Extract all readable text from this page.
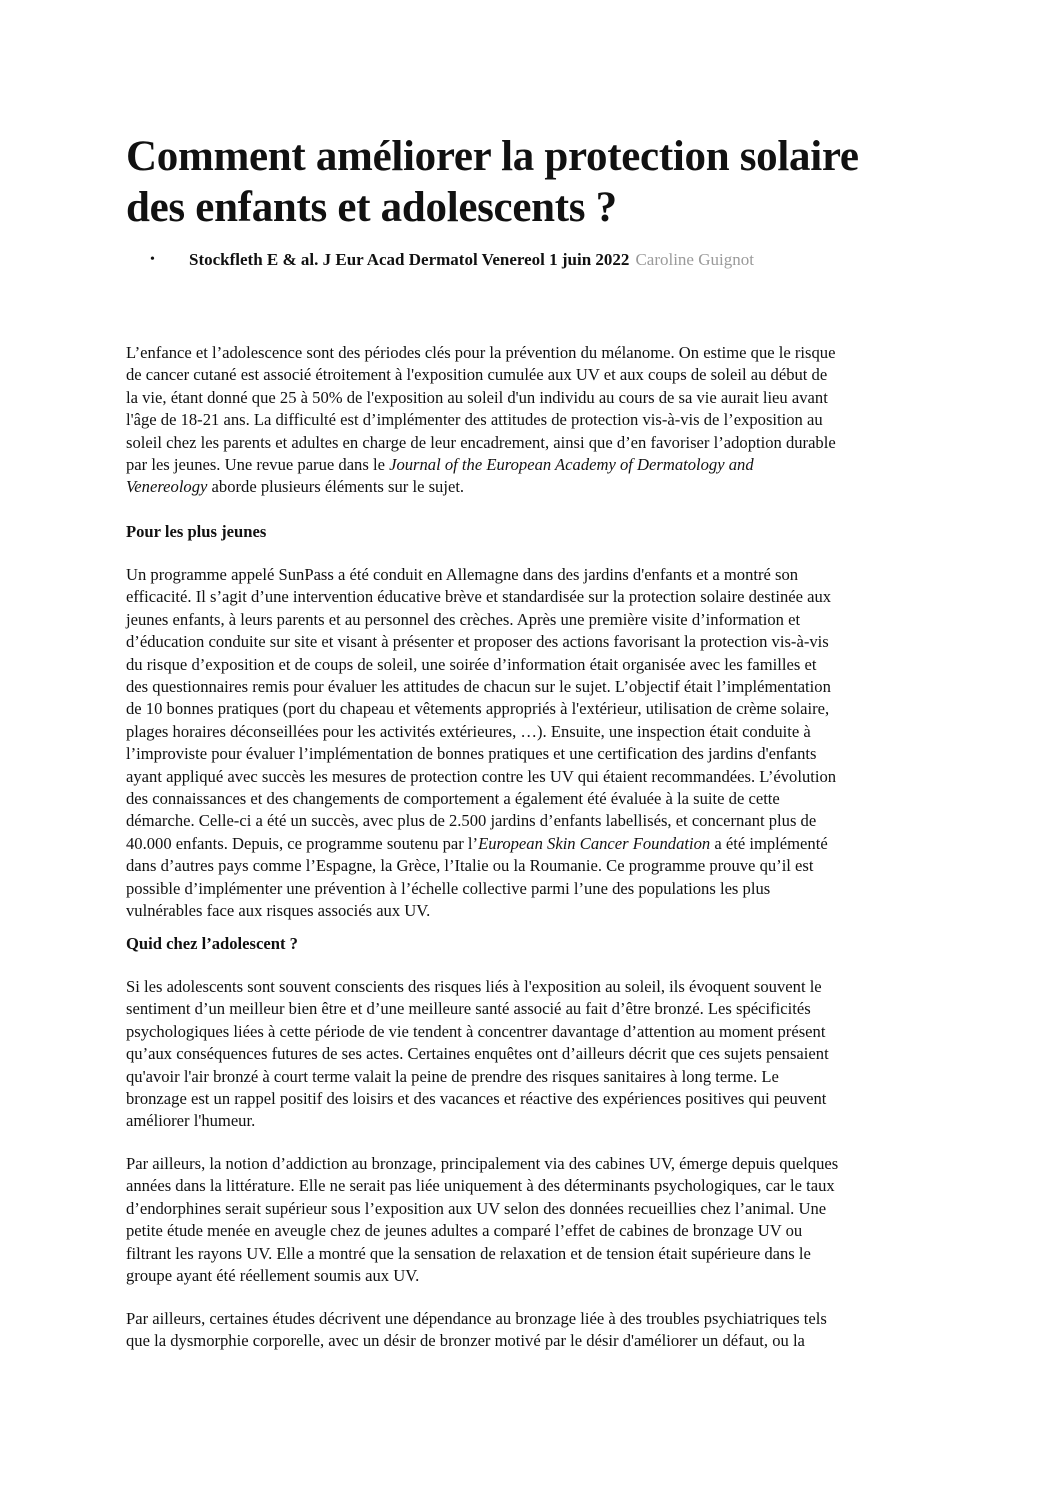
Comment améliorer la protection solaire
des enfants et adolescents ?
• Stockfleth E & al. J Eur Acad Dermatol Venereol 1 juin 2022 Caroline Guignot
L’enfance et l’adolescence sont des périodes clés pour la prévention du mélanome. On estime que le risque
de cancer cutané est associé étroitement à l'exposition cumulée aux UV et aux coups de soleil au début de
la vie, étant donné que 25 à 50% de l'exposition au soleil d'un individu au cours de sa vie aurait lieu avant
l'âge de 18-21 ans. La difficulté est d’implémenter des attitudes de protection vis-à-vis de l’exposition au
soleil chez les parents et adultes en charge de leur encadrement, ainsi que d’en favoriser l’adoption durable
par les jeunes. Une revue parue dans le Journal of the European Academy of Dermatology and
Venereology aborde plusieurs éléments sur le sujet.
Pour les plus jeunes
Un programme appelé SunPass a été conduit en Allemagne dans des jardins d'enfants et a montré son
efficacité. Il s’agit d’une intervention éducative brève et standardisée sur la protection solaire destinée aux
jeunes enfants, à leurs parents et au personnel des crèches. Après une première visite d’information et
d’éducation conduite sur site et visant à présenter et proposer des actions favorisant la protection vis-à-vis
du risque d’exposition et de coups de soleil, une soirée d’information était organisée avec les familles et
des questionnaires remis pour évaluer les attitudes de chacun sur le sujet. L’objectif était l’implémentation
de 10 bonnes pratiques (port du chapeau et vêtements appropriés à l'extérieur, utilisation de crème solaire,
plages horaires déconseillées pour les activités extérieures, …). Ensuite, une inspection était conduite à
l’improviste pour évaluer l’implémentation de bonnes pratiques et une certification des jardins d'enfants
ayant appliqué avec succès les mesures de protection contre les UV qui étaient recommandées. L’évolution
des connaissances et des changements de comportement a également été évaluée à la suite de cette
démarche. Celle-ci a été un succès, avec plus de 2.500 jardins d’enfants labellisés, et concernant plus de
40.000 enfants. Depuis, ce programme soutenu par l’European Skin Cancer Foundation a été implémenté
dans d’autres pays comme l’Espagne, la Grèce, l’Italie ou la Roumanie. Ce programme prouve qu’il est
possible d’implémenter une prévention à l’échelle collective parmi l’une des populations les plus
vulnérables face aux risques associés aux UV.
Quid chez l’adolescent ?
Si les adolescents sont souvent conscients des risques liés à l'exposition au soleil, ils évoquent souvent le
sentiment d’un meilleur bien être et d’une meilleure santé associé au fait d’être bronzé. Les spécificités
psychologiques liées à cette période de vie tendent à concentrer davantage d’attention au moment présent
qu’aux conséquences futures de ses actes. Certaines enquêtes ont d’ailleurs décrit que ces sujets pensaient
qu'avoir l'air bronzé à court terme valait la peine de prendre des risques sanitaires à long terme. Le
bronzage est un rappel positif des loisirs et des vacances et réactive des expériences positives qui peuvent
améliorer l'humeur.
Par ailleurs, la notion d’addiction au bronzage, principalement via des cabines UV, émerge depuis quelques
années dans la littérature. Elle ne serait pas liée uniquement à des déterminants psychologiques, car le taux
d’endorphines serait supérieur sous l’exposition aux UV selon des données recueillies chez l’animal. Une
petite étude menée en aveugle chez de jeunes adultes a comparé l’effet de cabines de bronzage UV ou
filtrant les rayons UV. Elle a montré que la sensation de relaxation et de tension était supérieure dans le
groupe ayant été réellement soumis aux UV.
Par ailleurs, certaines études décrivent une dépendance au bronzage liée à des troubles psychiatriques tels
que la dysmorphie corporelle, avec un désir de bronzer motivé par le désir d'améliorer un défaut, ou la
